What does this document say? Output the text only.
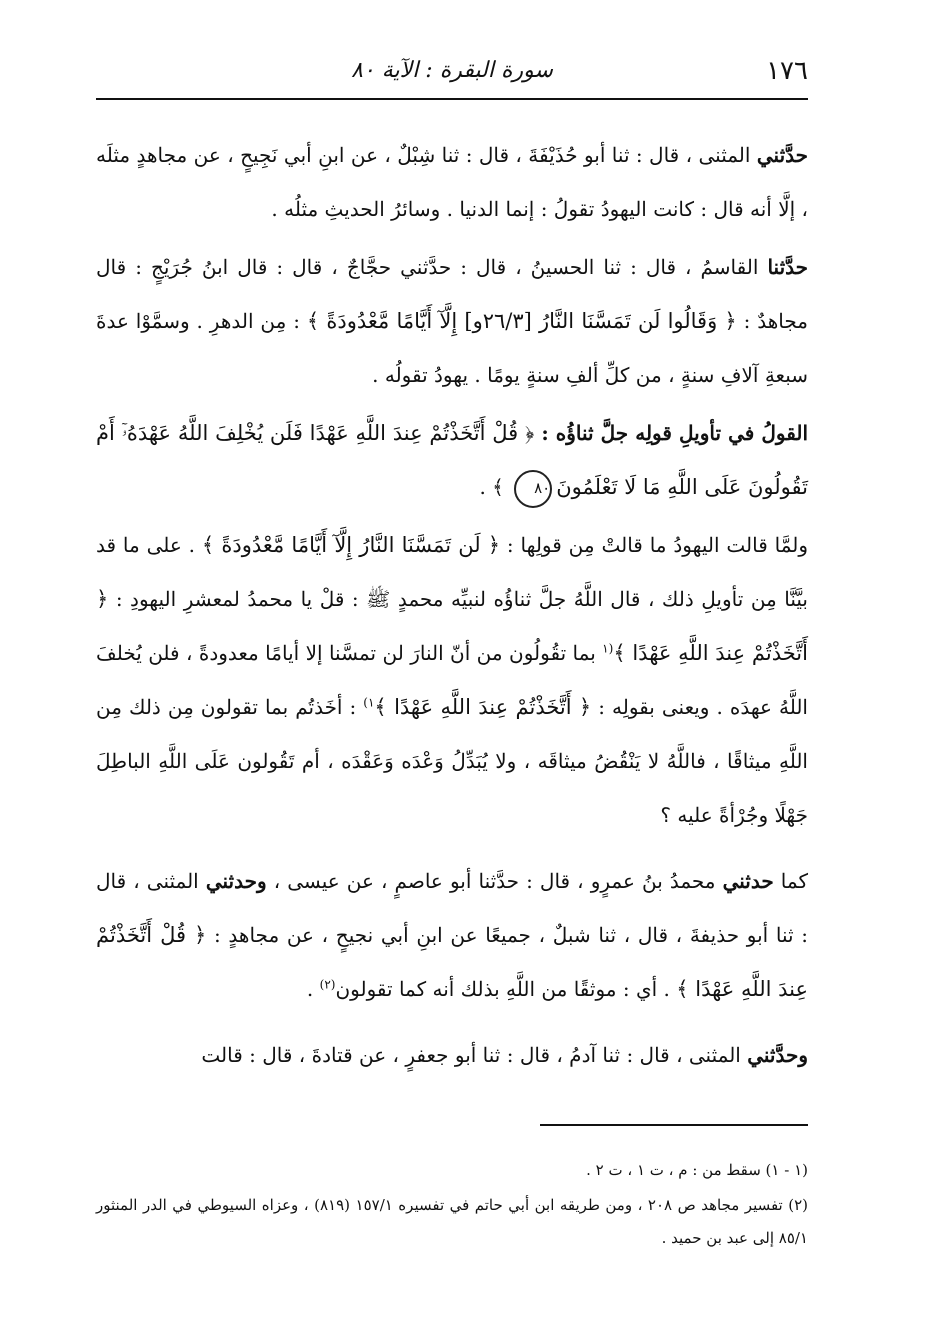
١٧٦
سورة البقرة : الآية ٨٠

حدَّثني المثنى ، قال : ثنا أبو حُذَيْفَةَ ، قال : ثنا شِبْلٌ ، عن ابنِ أبي نَجِيحٍ ، عن مجاهدٍ مثلَه ، إلَّا أنه قال : كانت اليهودُ تقولُ : إنما الدنيا . وسائرُ الحديثِ مثلُه .

حدَّثنا القاسمُ ، قال : ثنا الحسينُ ، قال : حدَّثني حجَّاجٌ ، قال : قال ابنُ جُرَيْجٍ : قال مجاهدٌ : ﴿ وَقَالُوا لَن تَمَسَّنَا النَّارُ [٢٦/٣و] إِلَّآ أَيَّامًا مَّعْدُودَةً ﴾ : مِن الدهرِ . وسمَّوْا عدةَ سبعةِ آلافِ سنةٍ ، من كلِّ ألفِ سنةٍ يومًا . يهودُ تقولُه .

القولُ في تأويلِ قولِه جلَّ ثناؤُه : ﴿ قُلْ أَتَّخَذْتُمْ عِندَ اللَّهِ عَهْدًا فَلَن يُخْلِفَ اللَّهُ عَهْدَهُۥٓ أَمْ تَقُولُونَ عَلَى اللَّهِ مَا لَا تَعْلَمُونَ٨٠ ﴾ .

ولمَّا قالت اليهودُ ما قالتْ مِن قولِها : ﴿ لَن تَمَسَّنَا النَّارُ إِلَّآ أَيَّامًا مَّعْدُودَةً ﴾ . على ما قد بيَّنَّا مِن تأويلِ ذلك ، قال اللَّهُ جلَّ ثناؤُه لنبيِّه محمدٍ ﷺ : قلْ يا محمدُ لمعشرِ اليهودِ : ﴿ أَتَّخَذْتُمْ عِندَ اللَّهِ عَهْدًا ﴾$^{(١}$ بما تقُولُون من أنّ النارَ لن تمسَّنا إلا أيامًا معدودةً ، فلن يُخلفَ اللَّهُ عهدَه . ويعنى بقولِه : ﴿ أَتَّخَذْتُمْ عِندَ اللَّهِ عَهْدًا ﴾$^{١)}$ : أخَذتُم بما تقولون مِن ذلك مِن اللَّهِ ميثاقًا ، فاللَّهُ لا يَنْقُضُ ميثاقَه ، ولا يُبَدِّلُ وَعْدَه وَعَقْدَه ، أم تَقُولون عَلَى اللَّهِ الباطِلَ جَهْلًا وجُرْأةً عليه ؟

كما حدثني محمدُ بنُ عمرٍو ، قال : حدَّثنا أبو عاصمٍ ، عن عيسى ، وحدثني المثنى ، قال : ثنا أبو حذيفةَ ، قال ، ثنا شبلٌ ، جميعًا عن ابنِ أبي نجيحٍ ، عن مجاهدٍ : ﴿ قُلْ أَتَّخَذْتُمْ عِندَ اللَّهِ عَهْدًا ﴾ . أي : موثقًا من اللَّهِ بذلك أنه كما تقولون$^{(٢)}$ .

وحدَّثني المثنى ، قال : ثنا آدمُ ، قال : ثنا أبو جعفرٍ ، عن قتادةَ ، قال : قالت

(١ - ١) سقط من : م ، ت ١ ، ت ٢ .

(٢) تفسير مجاهد ص ٢٠٨ ، ومن طريقه ابن أبي حاتم في تفسيره ١٥٧/١ (٨١٩) ، وعزاه السيوطي في الدر المنثور ٨٥/١ إلى عبد بن حميد .
